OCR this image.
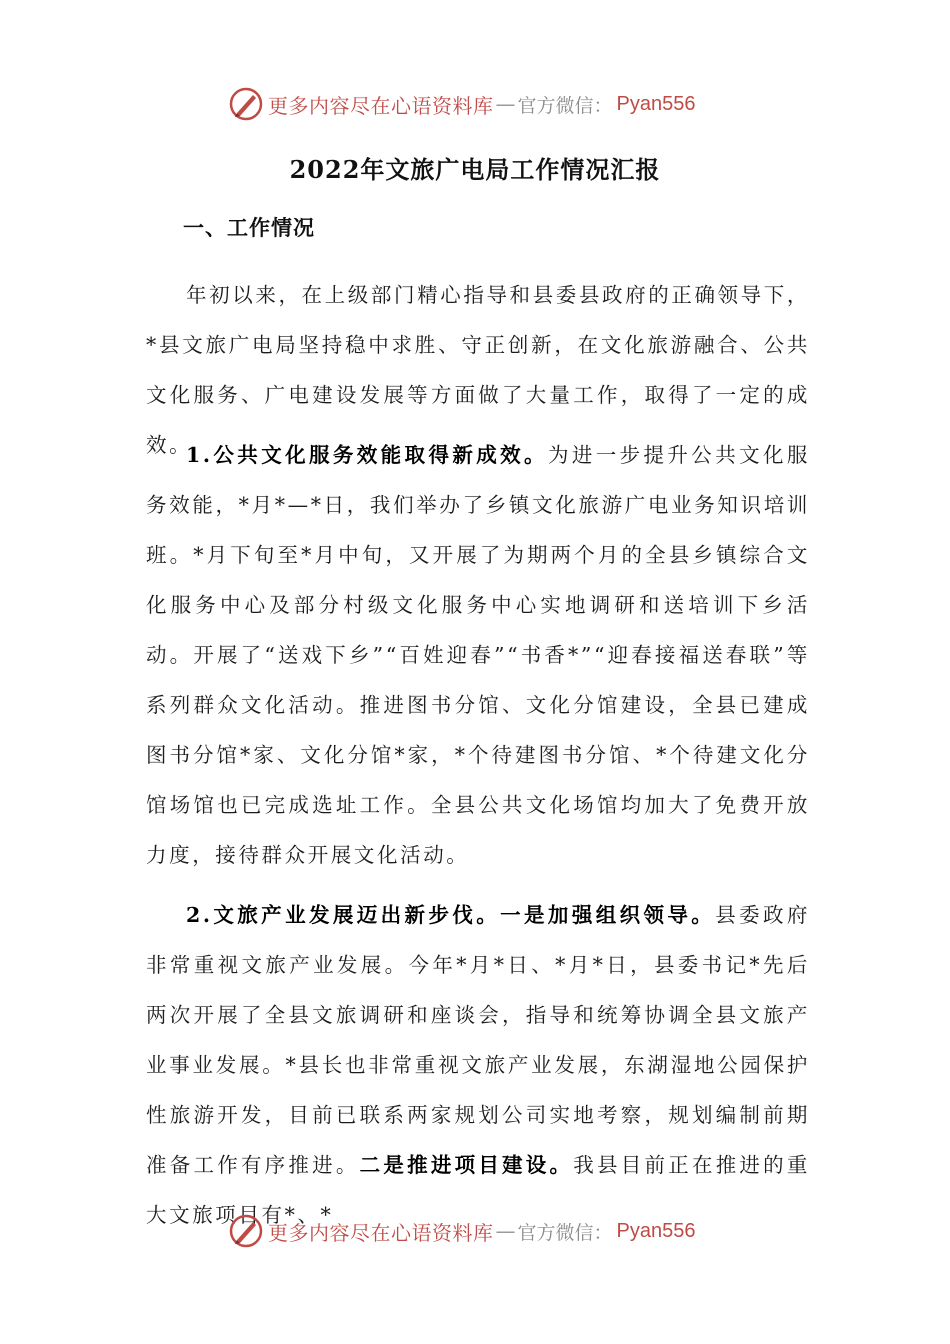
更多内容尽在心语资料库 — 官方微信： Pyan556
2022年文旅广电局工作情况汇报
一、工作情况

年初以来，在上级部门精心指导和县委县政府的正确领导下，*县文旅广电局坚持稳中求胜、守正创新，在文化旅游融合、公共文化服务、广电建设发展等方面做了大量工作，取得了一定的成效。

1.公共文化服务效能取得新成效。为进一步提升公共文化服务效能，*月*—*日，我们举办了乡镇文化旅游广电业务知识培训班。*月下旬至*月中旬，又开展了为期两个月的全县乡镇综合文化服务中心及部分村级文化服务中心实地调研和送培训下乡活动。开展了“送戏下乡”“百姓迎春”“书香*”“迎春接福送春联”等系列群众文化活动。推进图书分馆、文化分馆建设，全县已建成图书分馆*家、文化分馆*家，*个待建图书分馆、*个待建文化分馆场馆也已完成选址工作。全县公共文化场馆均加大了免费开放力度，接待群众开展文化活动。

2.文旅产业发展迈出新步伐。一是加强组织领导。县委政府非常重视文旅产业发展。今年*月*日、*月*日，县委书记*先后两次开展了全县文旅调研和座谈会，指导和统筹协调全县文旅产业事业发展。*县长也非常重视文旅产业发展，东湖湿地公园保护性旅游开发，目前已联系两家规划公司实地考察，规划编制前期准备工作有序推进。二是推进项目建设。我县目前正在推进的重大文旅项目有*、*

更多内容尽在心语资料库 — 官方微信： Pyan556
